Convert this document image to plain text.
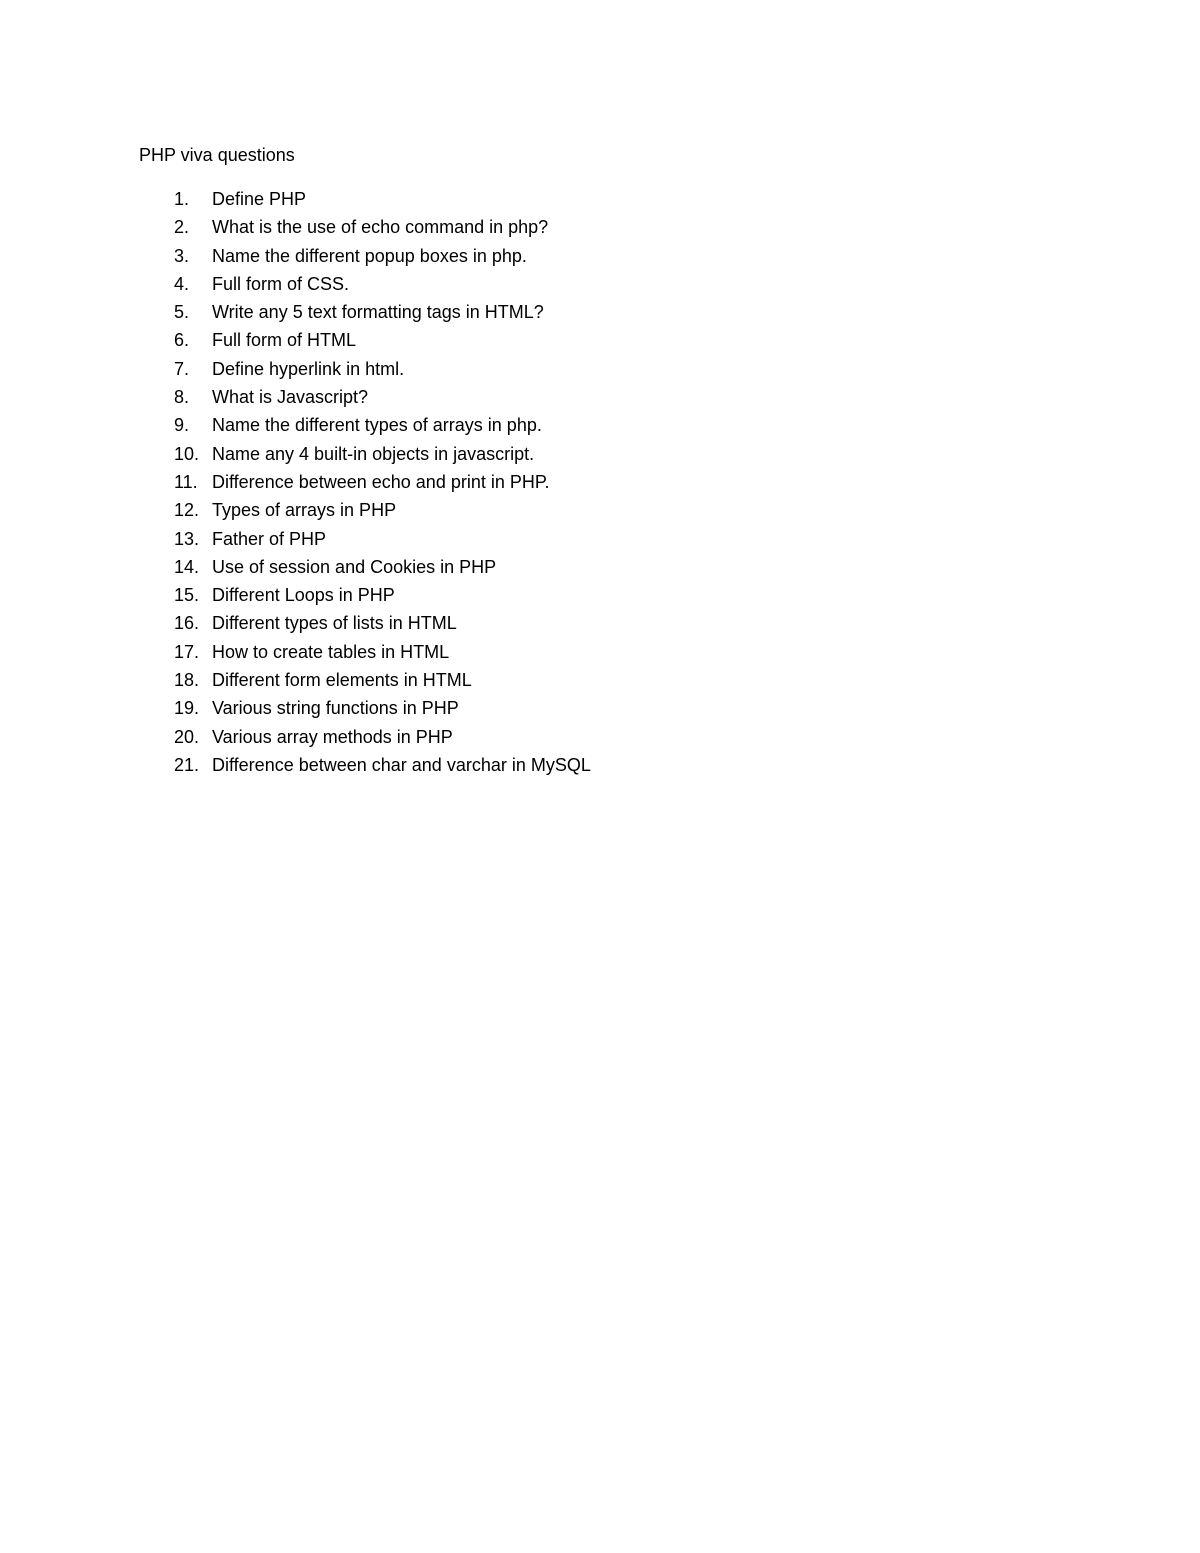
PHP viva questions
1. Define PHP
2. What is the use of echo command in php?
3. Name the different popup boxes in php.
4. Full form of CSS.
5. Write any 5 text formatting tags in HTML?
6. Full form of HTML
7. Define hyperlink in html.
8. What is Javascript?
9. Name the different types of arrays in php.
10. Name any 4 built-in objects in javascript.
11. Difference between echo and print in PHP.
12. Types of arrays in PHP
13. Father of PHP
14. Use of session and Cookies in PHP
15. Different Loops in PHP
16. Different types of lists in HTML
17. How to create tables in HTML
18. Different form elements in HTML
19. Various string functions in PHP
20. Various array methods in PHP
21. Difference between char and varchar in MySQL
